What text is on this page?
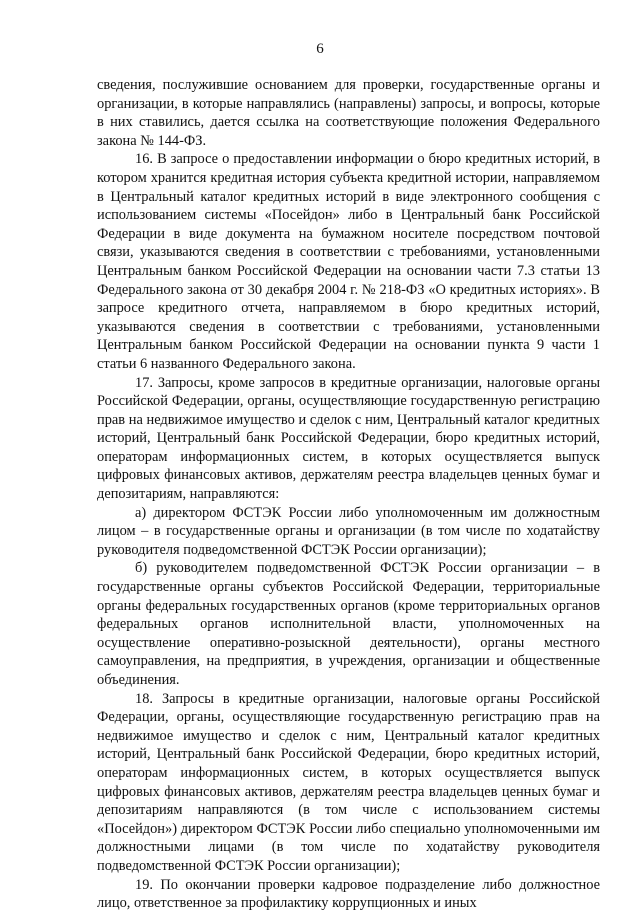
6

сведения, послужившие основанием для проверки, государственные органы и организации, в которые направлялись (направлены) запросы, и вопросы, которые в них ставились, дается ссылка на соответствующие положения Федерального закона № 144-ФЗ.

16. В запросе о предоставлении информации о бюро кредитных историй, в котором хранится кредитная история субъекта кредитной истории, направляемом в Центральный каталог кредитных историй в виде электронного сообщения с использованием системы «Посейдон» либо в Центральный банк Российской Федерации в виде документа на бумажном носителе посредством почтовой связи, указываются сведения в соответствии с требованиями, установленными Центральным банком Российской Федерации на основании части 7.3 статьи 13 Федерального закона от 30 декабря 2004 г. № 218-ФЗ «О кредитных историях». В запросе кредитного отчета, направляемом в бюро кредитных историй, указываются сведения в соответствии с требованиями, установленными Центральным банком Российской Федерации на основании пункта 9 части 1 статьи 6 названного Федерального закона.

17. Запросы, кроме запросов в кредитные организации, налоговые органы Российской Федерации, органы, осуществляющие государственную регистрацию прав на недвижимое имущество и сделок с ним, Центральный каталог кредитных историй, Центральный банк Российской Федерации, бюро кредитных историй, операторам информационных систем, в которых осуществляется выпуск цифровых финансовых активов, держателям реестра владельцев ценных бумаг и депозитариям, направляются:

а) директором ФСТЭК России либо уполномоченным им должностным лицом – в государственные органы и организации (в том числе по ходатайству руководителя подведомственной ФСТЭК России организации);

б) руководителем подведомственной ФСТЭК России организации – в государственные органы субъектов Российской Федерации, территориальные органы федеральных государственных органов (кроме территориальных органов федеральных органов исполнительной власти, уполномоченных на осуществление оперативно-розыскной деятельности), органы местного самоуправления, на предприятия, в учреждения, организации и общественные объединения.

18. Запросы в кредитные организации, налоговые органы Российской Федерации, органы, осуществляющие государственную регистрацию прав на недвижимое имущество и сделок с ним, Центральный каталог кредитных историй, Центральный банк Российской Федерации, бюро кредитных историй, операторам информационных систем, в которых осуществляется выпуск цифровых финансовых активов, держателям реестра владельцев ценных бумаг и депозитариям направляются (в том числе с использованием системы «Посейдон») директором ФСТЭК России либо специально уполномоченными им должностными лицами (в том числе по ходатайству руководителя подведомственной ФСТЭК России организации);

19. По окончании проверки кадровое подразделение либо должностное лицо, ответственное за профилактику коррупционных и иных
